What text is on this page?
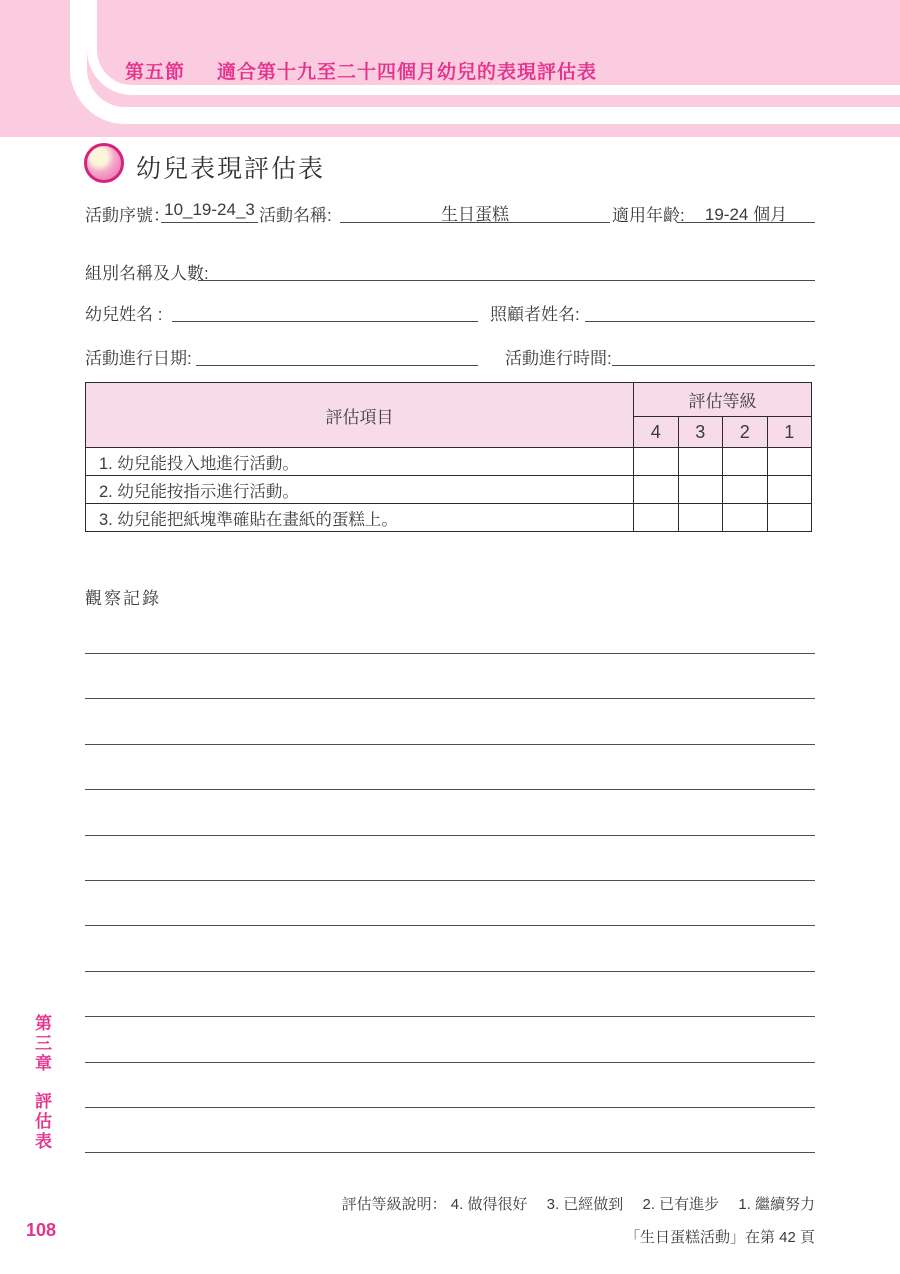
第五節 適合第十九至二十四個月幼兒的表現評估表
幼兒表現評估表
活動序號：
10_19-24_3 活動名稱:	生日蛋糕	適用年齡:	19-24 個月
組別名稱及人數:
幼兒姓名 :	照顧者姓名:
活動進行日期:	活動進行時間:
評估項目	評估等級			
	4	3	2	1
1. 幼兒能投入地進行活動。				
2. 幼兒能按指示進行活動。				
3. 幼兒能把紙塊準確貼在畫紙的蛋糕上。				
觀察記錄
第三章
評估表
評估等級說明： 4. 做得很好　 3. 已經做到　 2. 已有進步　 1. 繼續努力
「生日蛋糕活動」在第 42 頁
108
